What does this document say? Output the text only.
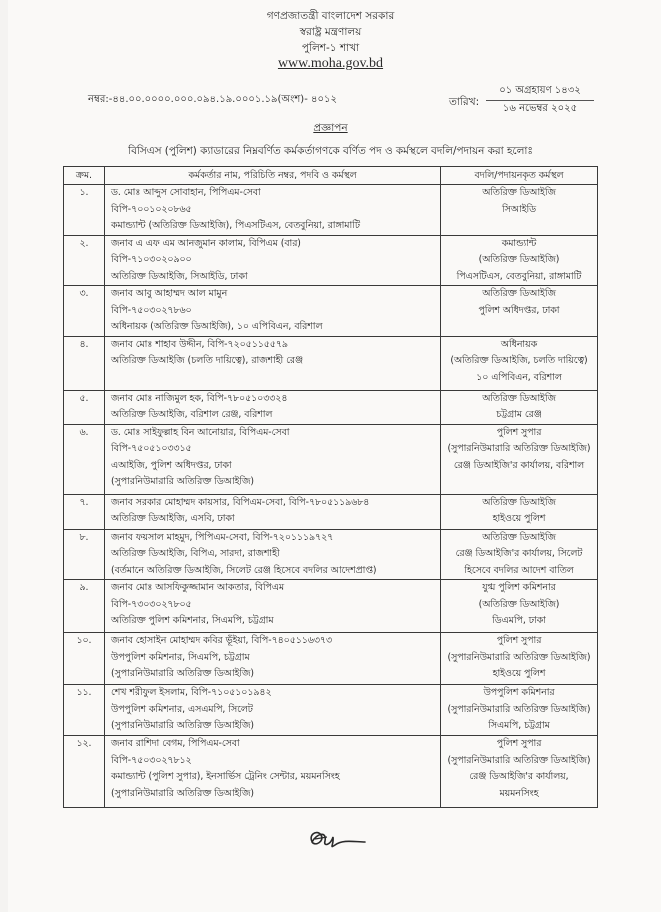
গণপ্রজাতন্ত্রী বাংলাদেশ সরকার
স্বরাষ্ট্র মন্ত্রণালয়
পুলিশ-১ শাখা
www.moha.gov.bd
নম্বর:-৪৪.০০.০০০০.০০০.০৯৪.১৯.০০০১.১৯(অংশ)- ৪০১২	তারিখ:
০১ অগ্রহায়ণ ১৪৩২
১৬ নভেম্বর ২০২৫
প্রজ্ঞাপন
বিসিএস (পুলিশ) ক্যাডারের নিম্নবর্ণিত কর্মকর্তাগণকে বর্ণিত পদ ও কর্মস্থলে বদলি/পদায়ন করা হলোঃ
ক্রম.	কর্মকর্তার নাম, পরিচিতি নম্বর, পদবি ও কর্মস্থল	বদলি/পদায়নকৃত কর্মস্থল
১.	ড. মোঃ আব্দুস সোবাহান, পিপিএম-সেবা
বিপি-৭০০১০২০৮৬৫
কমান্ড্যান্ট (অতিরিক্ত ডিআইজি), পিএসটিএস, বেতবুনিয়া, রাঙ্গামাটি	অতিরিক্ত ডিআইজি
সিআইডি

২.	জনাব এ এফ এম আনজুমান কালাম, বিপিএম (বার)
বিপি-৭১০৩০২০৯০০
অতিরিক্ত ডিআইজি, সিআইডি, ঢাকা	কমান্ড্যান্ট
(অতিরিক্ত ডিআইজি)
পিএসটিএস, বেতবুনিয়া, রাঙ্গামাটি

৩.	জনাব আবু আহাম্মদ আল মামুন
বিপি-৭৫০৩০২৭৮৬০
অধিনায়ক (অতিরিক্ত ডিআইজি), ১০ এপিবিএন, বরিশাল	অতিরিক্ত ডিআইজি
পুলিশ অধিদপ্তর, ঢাকা

৪.	জনাব মোঃ শাহাব উদ্দীন, বিপি-৭২০৫১১৫৫৭৯
অতিরিক্ত ডিআইজি (চলতি দায়িত্বে), রাজশাহী রেঞ্জ	অধিনায়ক
(অতিরিক্ত ডিআইজি, চলতি দায়িত্বে)
১০ এপিবিএন, বরিশাল

৫.	জনাব মোঃ নাজিমুল হক, বিপি-৭৮০৫১০৩৩২৪
অতিরিক্ত ডিআইজি, বরিশাল রেঞ্জ, বরিশাল	অতিরিক্ত ডিআইজি
চট্টগ্রাম রেঞ্জ

৬.	ড. মোঃ সাইফুল্লাহ বিন আনোয়ার, বিপিএম-সেবা
বিপি-৭৫০৫১০৩৩১৫
এআইজি, পুলিশ অধিদপ্তর, ঢাকা
(সুপারনিউমারারি অতিরিক্ত ডিআইজি)	পুলিশ সুপার
(সুপারনিউমারারি অতিরিক্ত ডিআইজি)
রেঞ্জ ডিআইজি'র কার্যালয়, বরিশাল

৭.	জনাব সরকার মোহাম্মদ কায়সার, বিপিএম-সেবা, বিপি-৭৮০৫১১৯৬৮৪
অতিরিক্ত ডিআইজি, এসবি, ঢাকা	অতিরিক্ত ডিআইজি
হাইওয়ে পুলিশ

৮.	জনাব ফয়সাল মাহমুদ, পিপিএম-সেবা, বিপি-৭২০১১১৯৭২৭
অতিরিক্ত ডিআইজি, বিপিএ, সারদা, রাজশাহী
(বর্তমানে অতিরিক্ত ডিআইজি, সিলেট রেঞ্জ হিসেবে বদলির আদেশপ্রাপ্ত)	অতিরিক্ত ডিআইজি
রেঞ্জ ডিআইজি'র কার্যালয়, সিলেট
হিসেবে বদলির আদেশ বাতিল

৯.	জনাব মোঃ আসফিকুজ্জামান আকতার, বিপিএম
বিপি-৭৩০৩০২৭৮০৫
অতিরিক্ত পুলিশ কমিশনার, সিএমপি, চট্টগ্রাম	যুগ্ম পুলিশ কমিশনার
(অতিরিক্ত ডিআইজি)
ডিএমপি, ঢাকা

১০.	জনাব হোসাইন মোহাম্মদ কবির ভূঁইয়া, বিপি-৭৪০৫১১৬৩৭৩
উপপুলিশ কমিশনার, সিএমপি, চট্টগ্রাম
(সুপারনিউমারারি অতিরিক্ত ডিআইজি)	পুলিশ সুপার
(সুপারনিউমারারি অতিরিক্ত ডিআইজি)
হাইওয়ে পুলিশ

১১.	শেখ শরীফুল ইসলাম, বিপি-৭১০৫১০১৯৪২
উপপুলিশ কমিশনার, এসএমপি, সিলেট
(সুপারনিউমারারি অতিরিক্ত ডিআইজি)	উপপুলিশ কমিশনার
(সুপারনিউমারারি অতিরিক্ত ডিআইজি)
সিএমপি, চট্টগ্রাম

১২.	জনাব রাশিদা বেগম, পিপিএম-সেবা
বিপি-৭৫০৩০২৭৮১২
কমান্ড্যান্ট (পুলিশ সুপার), ইনসার্ভিস ট্রেনিং সেন্টার, ময়মনসিংহ
(সুপারনিউমারারি অতিরিক্ত ডিআইজি)	পুলিশ সুপার
(সুপারনিউমারারি অতিরিক্ত ডিআইজি)
রেঞ্জ ডিআইজি'র কার্যালয়,
ময়মনসিংহ
